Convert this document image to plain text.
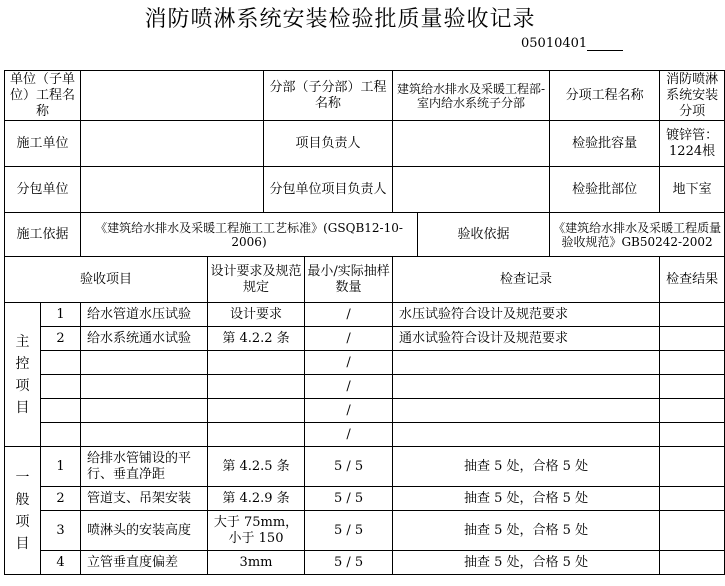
消防喷淋系统安装检验批质量验收记录
05010401
单位（子单位）工程名称				分部（子分部）工程名称		建筑给水排水及采暖工程部-室内给水系统子分部		分项工程名称	消防喷淋系统安装分项
施工单位				项目负责人				检验批容量	镀锌管：1224根
分包单位				分包单位项目负责人				检验批部位	地下室
施工依据		《建筑给水排水及采暖工程施工工艺标准》(GSQB12-10-2006)					验收依据	《建筑给水排水及采暖工程质量验收规范》GB50242-2002	
验收项目			设计要求及规范规定		最小/实际抽样数量	检查记录			检查结果

主
控
项
目	1	给水管道水压试验	设计要求		/	水压试验符合设计及规范要求			
	2	给水系统通水试验	第 4.2.2 条		/	通水试验符合设计及规范要求			
					/				
					/				
					/				
					/				

一
般
项
目	1	给排水管铺设的平行、垂直净距	第 4.2.5 条		5 / 5	抽查 5 处，合格 5 处			
	2	管道支、吊架安装	第 4.2.9 条		5 / 5	抽查 5 处，合格 5 处			
	3	喷淋头的安装高度	大于 75mm，小于 150		5 / 5	抽查 5 处，合格 5 处			
	4	立管垂直度偏差	3mm		5 / 5	抽查 5 处，合格 5 处			
